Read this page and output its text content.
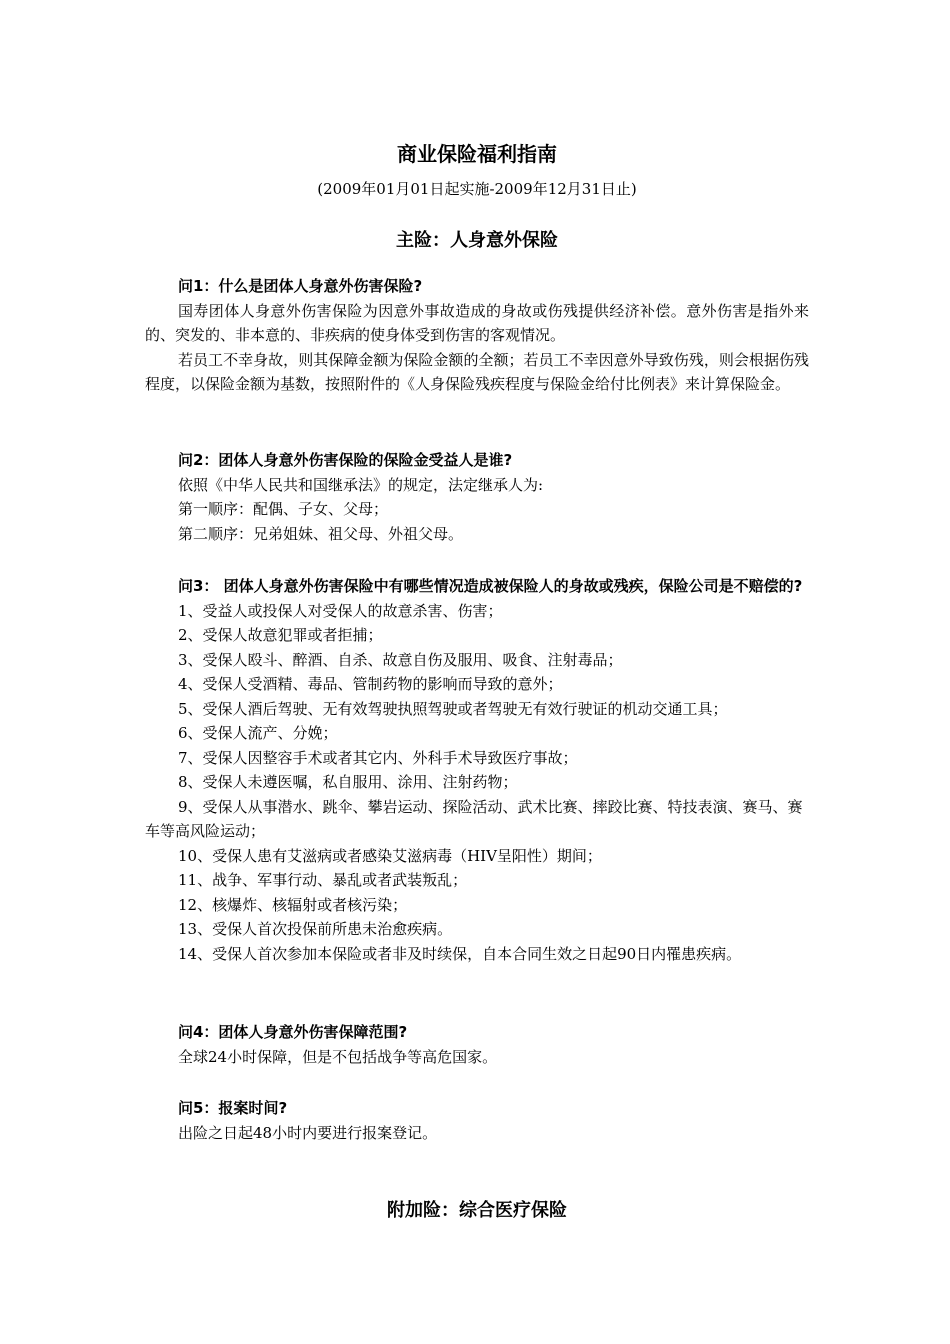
商业保险福利指南
(2009年01月01日起实施-2009年12月31日止)
主险：人身意外保险

问1：什么是团体人身意外伤害保险?

国寿团体人身意外伤害保险为因意外事故造成的身故或伤残提供经济补偿。意外伤害是指外来的、突发的、非本意的、非疾病的使身体受到伤害的客观情况。

若员工不幸身故，则其保障金额为保险金额的全额；若员工不幸因意外导致伤残，则会根据伤残程度，以保险金额为基数，按照附件的《人身保险残疾程度与保险金给付比例表》来计算保险金。

问2：团体人身意外伤害保险的保险金受益人是谁?

依照《中华人民共和国继承法》的规定，法定继承人为:

第一顺序：配偶、子女、父母；

第二顺序：兄弟姐妹、祖父母、外祖父母。

问3： 团体人身意外伤害保险中有哪些情况造成被保险人的身故或残疾，保险公司是不赔偿的?

1、受益人或投保人对受保人的故意杀害、伤害；
2、受保人故意犯罪或者拒捕；
3、受保人殴斗、醉酒、自杀、故意自伤及服用、吸食、注射毒品；
4、受保人受酒精、毒品、管制药物的影响而导致的意外；
5、受保人酒后驾驶、无有效驾驶执照驾驶或者驾驶无有效行驶证的机动交通工具；
6、受保人流产、分娩；
7、受保人因整容手术或者其它内、外科手术导致医疗事故；
8、受保人未遵医嘱，私自服用、涂用、注射药物；
9、受保人从事潜水、跳伞、攀岩运动、探险活动、武术比赛、摔跤比赛、特技表演、赛马、赛车等高风险运动；
10、受保人患有艾滋病或者感染艾滋病毒（HIV呈阳性）期间；
11、战争、军事行动、暴乱或者武装叛乱；
12、核爆炸、核辐射或者核污染；
13、受保人首次投保前所患未治愈疾病。
14、受保人首次参加本保险或者非及时续保，自本合同生效之日起90日内罹患疾病。

问4：团体人身意外伤害保障范围?

全球24小时保障，但是不包括战争等高危国家。

问5：报案时间?

出险之日起48小时内要进行报案登记。

附加险：综合医疗保险
